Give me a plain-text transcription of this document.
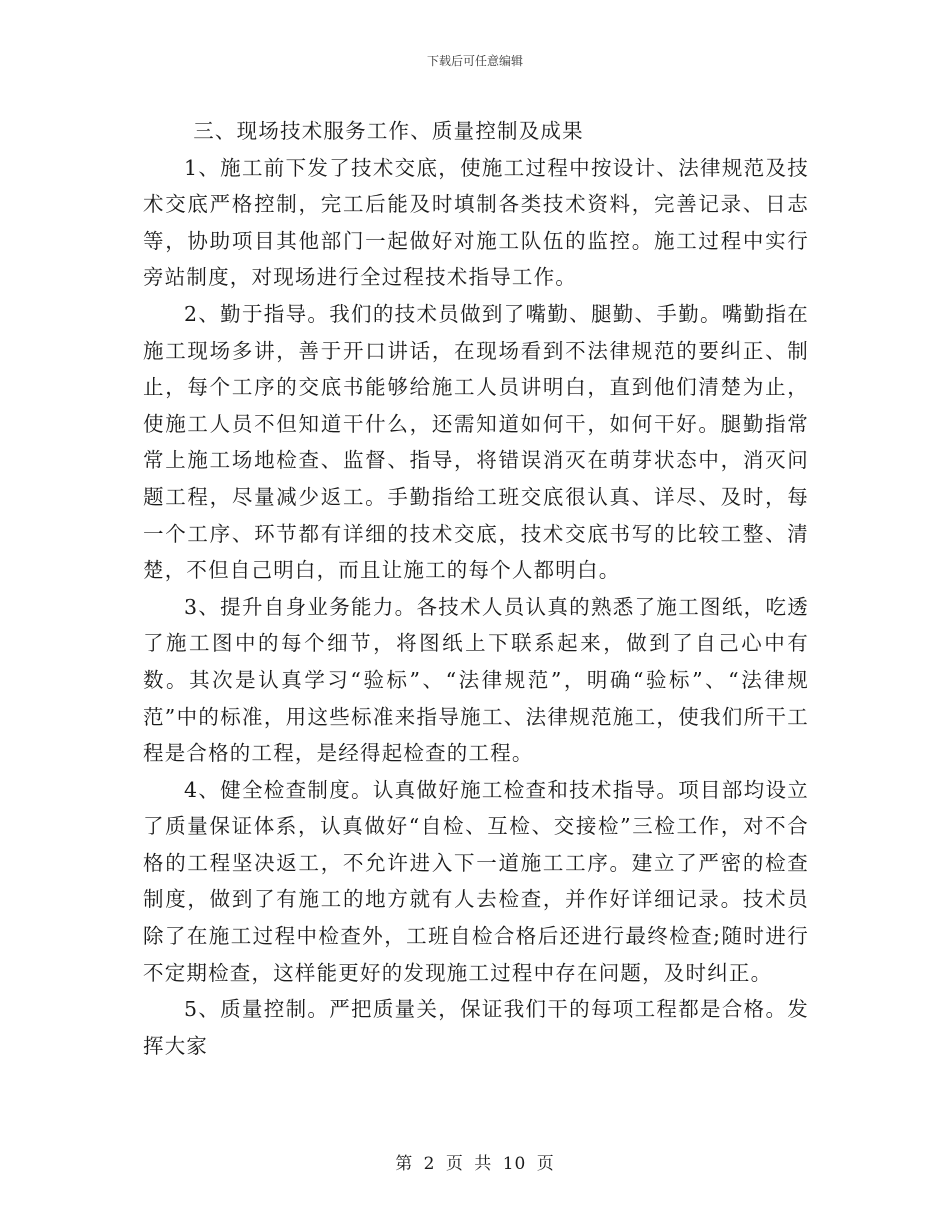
下载后可任意编辑

三、现场技术服务工作、质量控制及成果

1、施工前下发了技术交底，使施工过程中按设计、法律规范及技术交底严格控制，完工后能及时填制各类技术资料，完善记录、日志等，协助项目其他部门一起做好对施工队伍的监控。施工过程中实行旁站制度，对现场进行全过程技术指导工作。

2、勤于指导。我们的技术员做到了嘴勤、腿勤、手勤。嘴勤指在施工现场多讲，善于开口讲话，在现场看到不法律规范的要纠正、制止，每个工序的交底书能够给施工人员讲明白，直到他们清楚为止，使施工人员不但知道干什么，还需知道如何干，如何干好。腿勤指常常上施工场地检查、监督、指导，将错误消灭在萌芽状态中，消灭问题工程，尽量减少返工。手勤指给工班交底很认真、详尽、及时，每一个工序、环节都有详细的技术交底，技术交底书写的比较工整、清楚，不但自己明白，而且让施工的每个人都明白。

3、提升自身业务能力。各技术人员认真的熟悉了施工图纸，吃透了施工图中的每个细节，将图纸上下联系起来，做到了自己心中有数。其次是认真学习“验标”、“法律规范”，明确“验标”、“法律规范”中的标准，用这些标准来指导施工、法律规范施工，使我们所干工程是合格的工程，是经得起检查的工程。

4、健全检查制度。认真做好施工检查和技术指导。项目部均设立了质量保证体系，认真做好“自检、互检、交接检”三检工作，对不合格的工程坚决返工，不允许进入下一道施工工序。建立了严密的检查制度，做到了有施工的地方就有人去检查，并作好详细记录。技术员除了在施工过程中检查外，工班自检合格后还进行最终检查;随时进行不定期检查，这样能更好的发现施工过程中存在问题，及时纠正。

5、质量控制。严把质量关，保证我们干的每项工程都是合格。发挥大家

第 2 页 共 10 页
